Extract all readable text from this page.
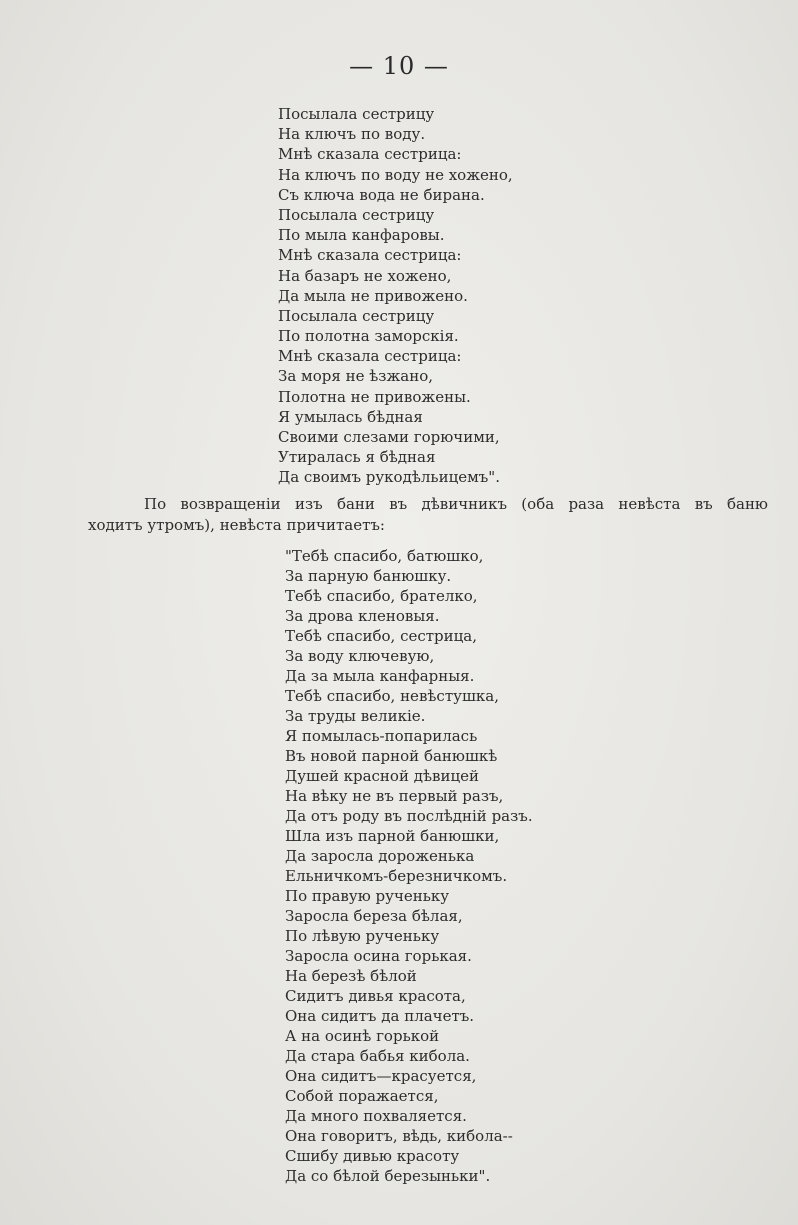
— 10 —
Посылала сестрицу
На ключъ по воду.
Мнѣ сказала сестрица:
На ключъ по воду не хожено,
Съ ключа вода не бирана.
Посылала сестрицу
По мыла канфаровы.
Мнѣ сказала сестрица:
На базаръ не хожено,
Да мыла не привожено.
Посылала сестрицу
По полотна заморскія.
Мнѣ сказала сестрица:
За моря не ѣзжано,
Полотна не привожены.
Я умылась бѣдная
Своими слезами горючими,
Утиралась я бѣдная
Да своимъ рукодѣльицемъ".
По возвращеніи изъ бани въ дѣвичникъ (оба раза невѣста въ баню
ходитъ утромъ), невѣста причитаетъ:
"Тебѣ спасибо, батюшко,
За парную банюшку.
Тебѣ спасибо, брателко,
За дрова кленовыя.
Тебѣ спасибо, сестрица,
За воду ключевую,
Да за мыла канфарныя.
Тебѣ спасибо, невѣстушка,
За труды великіе.
Я помылась-попарилась
Въ новой парной банюшкѣ
Душей красной дѣвицей
На вѣку не въ первый разъ,
Да отъ роду въ послѣдній разъ.
Шла изъ парной банюшки,
Да заросла дороженька
Ельничкомъ-березничкомъ.
По правую рученьку
Заросла береза бѣлая,
По лѣвую рученьку
Заросла осина горькая.
На березѣ бѣлой
Сидитъ дивья красота,
Она сидитъ да плачетъ.
А на осинѣ горькой
Да стара бабья кибола.
Она сидитъ—красуется,
Собой поражается,
Да много похваляется.
Она говоритъ, вѣдь, кибола--
Сшибу дивью красоту
Да со бѣлой березыньки".
